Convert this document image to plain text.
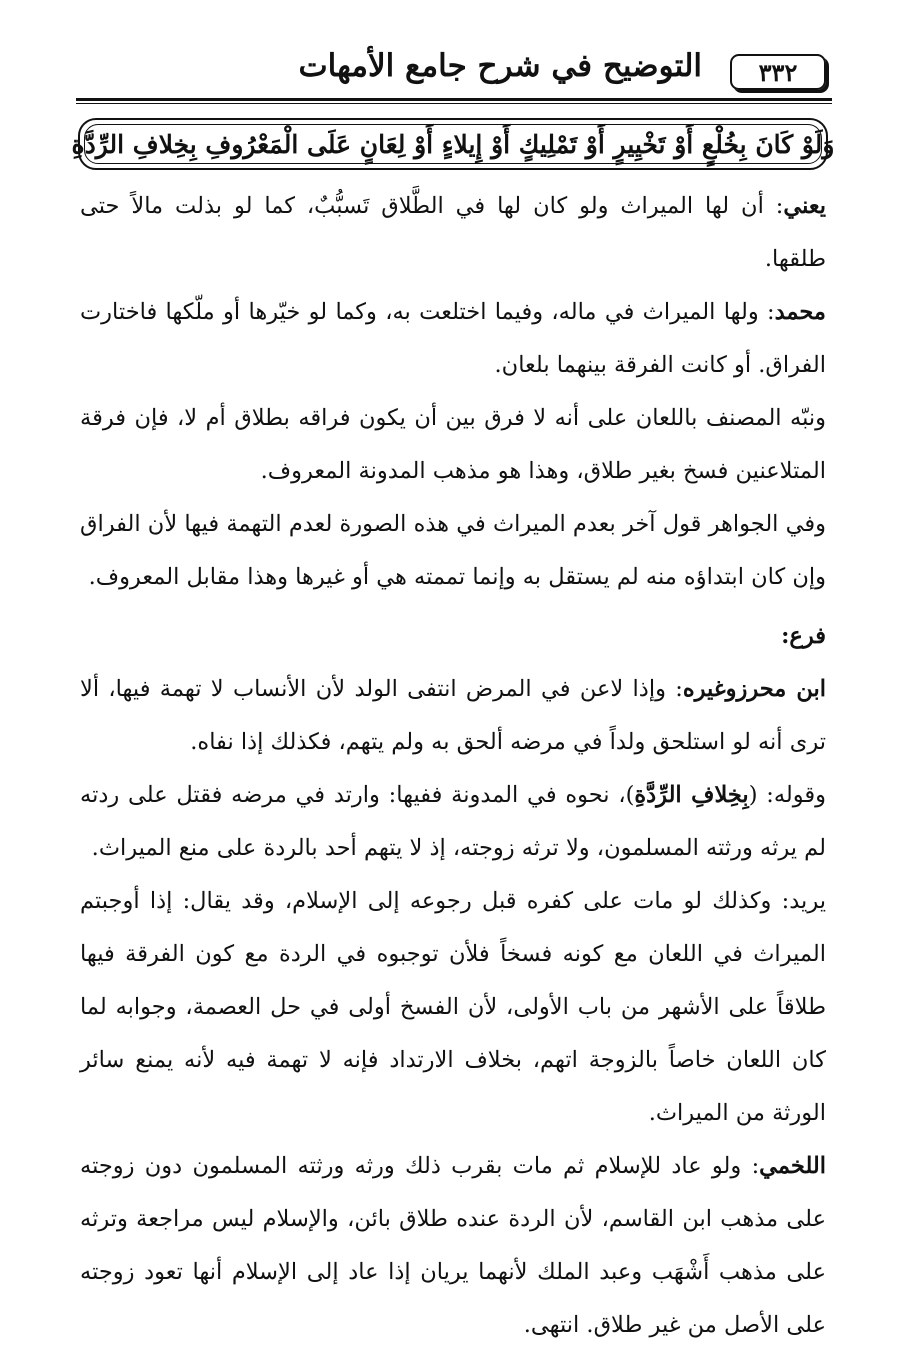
التوضيح في شرح جامع الأمهات	٣٣٢
وَلَوْ كَانَ بِخُلْعٍ أَوْ تَخْيِيرٍ أَوْ تَمْلِيكٍ أَوْ إِيلاءٍ أَوْ لِعَانٍ عَلَى الْمَعْرُوفِ بِخِلافِ الرِّدَّةِ

يعني: أن لها الميراث ولو كان لها في الطَّلاق تَسبُّبٌ، كما لو بذلت مالاً حتى طلقها.

محمد: ولها الميراث في ماله، وفيما اختلعت به، وكما لو خيّرها أو ملّكها فاختارت الفراق. أو كانت الفرقة بينهما بلعان.

ونبّه المصنف باللعان على أنه لا فرق بين أن يكون فراقه بطلاق أم لا، فإن فرقة المتلاعنين فسخ بغير طلاق، وهذا هو مذهب المدونة المعروف.

وفي الجواهر قول آخر بعدم الميراث في هذه الصورة لعدم التهمة فيها لأن الفراق وإن كان ابتداؤه منه لم يستقل به وإنما تممته هي أو غيرها وهذا مقابل المعروف.

فرع:

ابن محرزوغيره: وإذا لاعن في المرض انتفى الولد لأن الأنساب لا تهمة فيها، ألا ترى أنه لو استلحق ولداً في مرضه ألحق به ولم يتهم، فكذلك إذا نفاه.

وقوله: (بِخِلافِ الرِّدَّةِ)، نحوه في المدونة ففيها: وارتد في مرضه فقتل على ردته لم يرثه ورثته المسلمون، ولا ترثه زوجته، إذ لا يتهم أحد بالردة على منع الميراث.

يريد: وكذلك لو مات على كفره قبل رجوعه إلى الإسلام، وقد يقال: إذا أوجبتم الميراث في اللعان مع كونه فسخاً فلأن توجبوه في الردة مع كون الفرقة فيها طلاقاً على الأشهر من باب الأولى، لأن الفسخ أولى في حل العصمة، وجوابه لما كان اللعان خاصاً بالزوجة اتهم، بخلاف الارتداد فإنه لا تهمة فيه لأنه يمنع سائر الورثة من الميراث.

اللخمي: ولو عاد للإسلام ثم مات بقرب ذلك ورثه ورثته المسلمون دون زوجته على مذهب ابن القاسم، لأن الردة عنده طلاق بائن، والإسلام ليس مراجعة وترثه على مذهب أَشْهَب وعبد الملك لأنهما يريان إذا عاد إلى الإسلام أنها تعود زوجته على الأصل من غير طلاق. انتهى.
